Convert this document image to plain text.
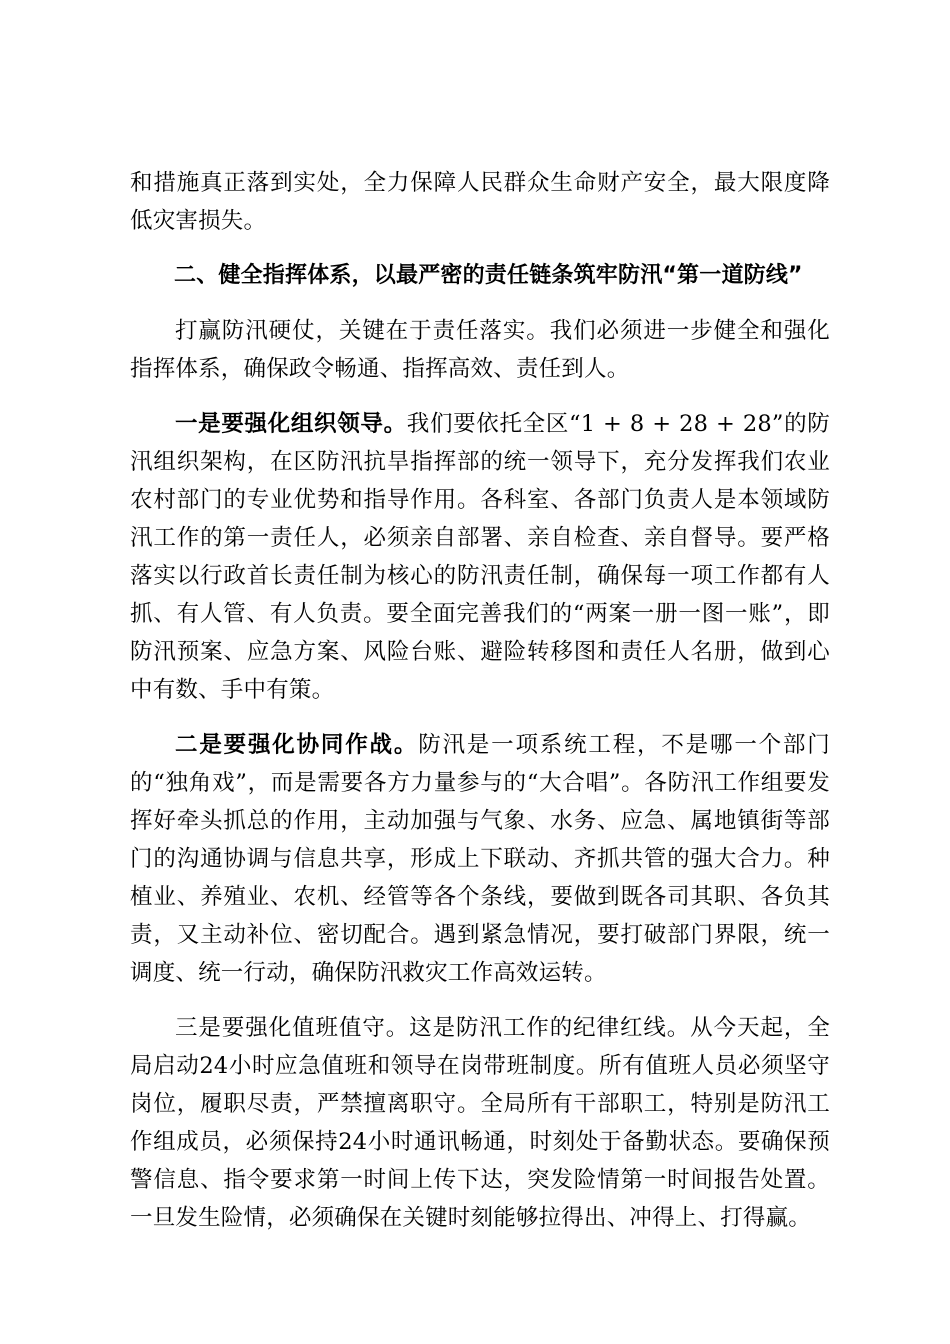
和措施真正落到实处，全力保障人民群众生命财产安全，最大限度降低灾害损失。

二、健全指挥体系，以最严密的责任链条筑牢防汛“第一道防线”

打赢防汛硬仗，关键在于责任落实。我们必须进一步健全和强化指挥体系，确保政令畅通、指挥高效、责任到人。

一是要强化组织领导。我们要依托全区“1 + 8 + 28 + 28”的防汛组织架构，在区防汛抗旱指挥部的统一领导下，充分发挥我们农业农村部门的专业优势和指导作用。各科室、各部门负责人是本领域防汛工作的第一责任人，必须亲自部署、亲自检查、亲自督导。要严格落实以行政首长责任制为核心的防汛责任制，确保每一项工作都有人抓、有人管、有人负责。要全面完善我们的“两案一册一图一账”，即防汛预案、应急方案、风险台账、避险转移图和责任人名册，做到心中有数、手中有策。

二是要强化协同作战。防汛是一项系统工程，不是哪一个部门的“独角戏”，而是需要各方力量参与的“大合唱”。各防汛工作组要发挥好牵头抓总的作用，主动加强与气象、水务、应急、属地镇街等部门的沟通协调与信息共享，形成上下联动、齐抓共管的强大合力。种植业、养殖业、农机、经管等各个条线，要做到既各司其职、各负其责，又主动补位、密切配合。遇到紧急情况，要打破部门界限，统一调度、统一行动，确保防汛救灾工作高效运转。

三是要强化值班值守。这是防汛工作的纪律红线。从今天起，全局启动24小时应急值班和领导在岗带班制度。所有值班人员必须坚守岗位，履职尽责，严禁擅离职守。全局所有干部职工，特别是防汛工作组成员，必须保持24小时通讯畅通，时刻处于备勤状态。要确保预警信息、指令要求第一时间上传下达，突发险情第一时间报告处置。一旦发生险情，必须确保在关键时刻能够拉得出、冲得上、打得赢。
